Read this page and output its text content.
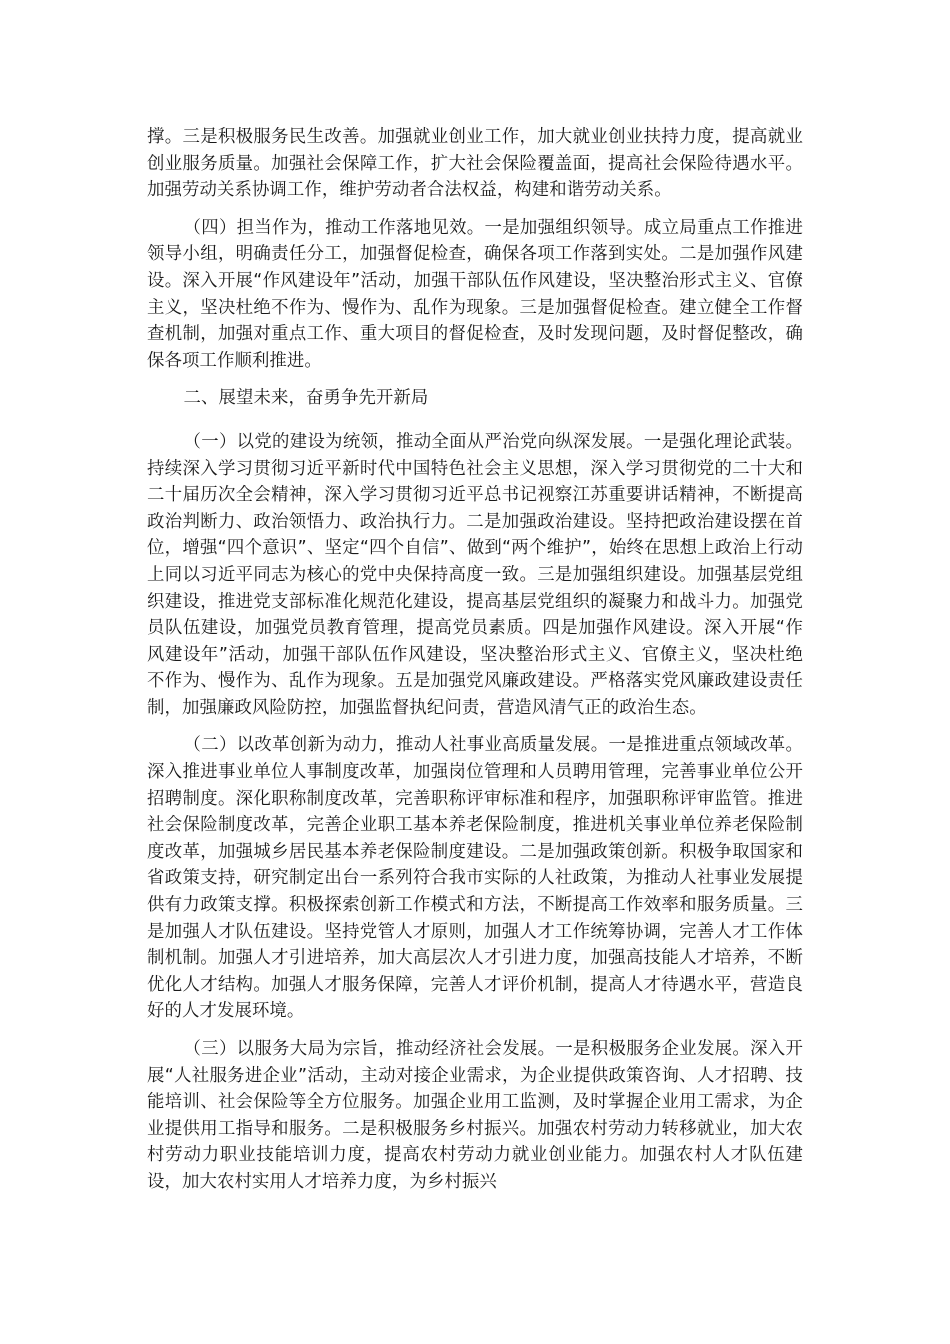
撑。三是积极服务民生改善。加强就业创业工作，加大就业创业扶持力度，提高就业创业服务质量。加强社会保障工作，扩大社会保险覆盖面，提高社会保险待遇水平。加强劳动关系协调工作，维护劳动者合法权益，构建和谐劳动关系。

（四）担当作为，推动工作落地见效。一是加强组织领导。成立局重点工作推进领导小组，明确责任分工，加强督促检查，确保各项工作落到实处。二是加强作风建设。深入开展“作风建设年”活动，加强干部队伍作风建设，坚决整治形式主义、官僚主义，坚决杜绝不作为、慢作为、乱作为现象。三是加强督促检查。建立健全工作督查机制，加强对重点工作、重大项目的督促检查，及时发现问题，及时督促整改，确保各项工作顺利推进。

二、展望未来，奋勇争先开新局

（一）以党的建设为统领，推动全面从严治党向纵深发展。一是强化理论武装。持续深入学习贯彻习近平新时代中国特色社会主义思想，深入学习贯彻党的二十大和二十届历次全会精神，深入学习贯彻习近平总书记视察江苏重要讲话精神，不断提高政治判断力、政治领悟力、政治执行力。二是加强政治建设。坚持把政治建设摆在首位，增强“四个意识”、坚定“四个自信”、做到“两个维护”，始终在思想上政治上行动上同以习近平同志为核心的党中央保持高度一致。三是加强组织建设。加强基层党组织建设，推进党支部标准化规范化建设，提高基层党组织的凝聚力和战斗力。加强党员队伍建设，加强党员教育管理，提高党员素质。四是加强作风建设。深入开展“作风建设年”活动，加强干部队伍作风建设，坚决整治形式主义、官僚主义，坚决杜绝不作为、慢作为、乱作为现象。五是加强党风廉政建设。严格落实党风廉政建设责任制，加强廉政风险防控，加强监督执纪问责，营造风清气正的政治生态。

（二）以改革创新为动力，推动人社事业高质量发展。一是推进重点领域改革。深入推进事业单位人事制度改革，加强岗位管理和人员聘用管理，完善事业单位公开招聘制度。深化职称制度改革，完善职称评审标准和程序，加强职称评审监管。推进社会保险制度改革，完善企业职工基本养老保险制度，推进机关事业单位养老保险制度改革，加强城乡居民基本养老保险制度建设。二是加强政策创新。积极争取国家和省政策支持，研究制定出台一系列符合我市实际的人社政策，为推动人社事业发展提供有力政策支撑。积极探索创新工作模式和方法，不断提高工作效率和服务质量。三是加强人才队伍建设。坚持党管人才原则，加强人才工作统筹协调，完善人才工作体制机制。加强人才引进培养，加大高层次人才引进力度，加强高技能人才培养，不断优化人才结构。加强人才服务保障，完善人才评价机制，提高人才待遇水平，营造良好的人才发展环境。

（三）以服务大局为宗旨，推动经济社会发展。一是积极服务企业发展。深入开展“人社服务进企业”活动，主动对接企业需求，为企业提供政策咨询、人才招聘、技能培训、社会保险等全方位服务。加强企业用工监测，及时掌握企业用工需求，为企业提供用工指导和服务。二是积极服务乡村振兴。加强农村劳动力转移就业，加大农村劳动力职业技能培训力度，提高农村劳动力就业创业能力。加强农村人才队伍建设，加大农村实用人才培养力度，为乡村振兴
